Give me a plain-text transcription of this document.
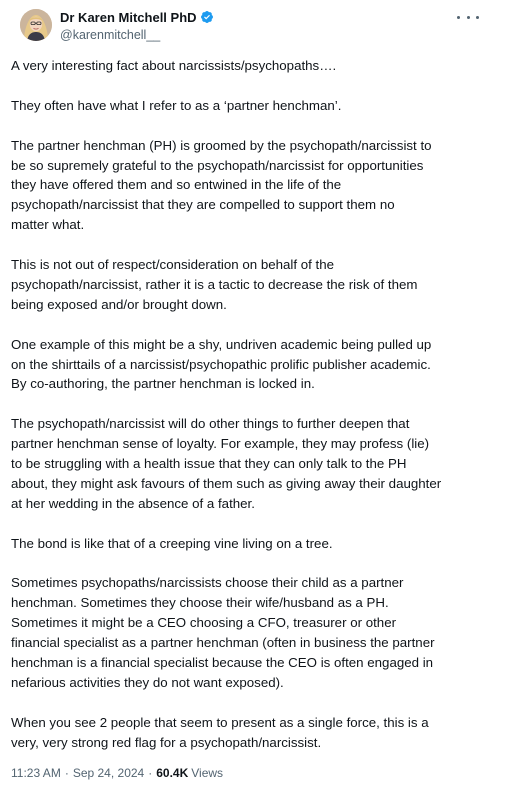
Dr Karen Mitchell PhD
@karenmitchell__

A very interesting fact about narcissists/psychopaths….

They often have what I refer to as a ‘partner henchman’.

The partner henchman (PH) is groomed by the psychopath/narcissist to
be so supremely grateful to the psychopath/narcissist for opportunities
they have offered them and so entwined in the life of the
psychopath/narcissist that they are compelled to support them no
matter what.

This is not out of respect/consideration on behalf of the
psychopath/narcissist, rather it is a tactic to decrease the risk of them
being exposed and/or brought down.

One example of this might be a shy, undriven academic being pulled up
on the shirttails of a narcissist/psychopathic prolific publisher academic.
By co-authoring, the partner henchman is locked in.

The psychopath/narcissist will do other things to further deepen that
partner henchman sense of loyalty. For example, they may profess (lie)
to be struggling with a health issue that they can only talk to the PH
about, they might ask favours of them such as giving away their daughter
at her wedding in the absence of a father.

The bond is like that of a creeping vine living on a tree.

Sometimes psychopaths/narcissists choose their child as a partner
henchman. Sometimes they choose their wife/husband as a PH.
Sometimes it might be a CEO choosing a CFO, treasurer or other
financial specialist as a partner henchman (often in business the partner
henchman is a financial specialist because the CEO is often engaged in
nefarious activities they do not want exposed).

When you see 2 people that seem to present as a single force, this is a
very, very strong red flag for a psychopath/narcissist.

11:23 AM · Sep 24, 2024 · 60.4K Views
